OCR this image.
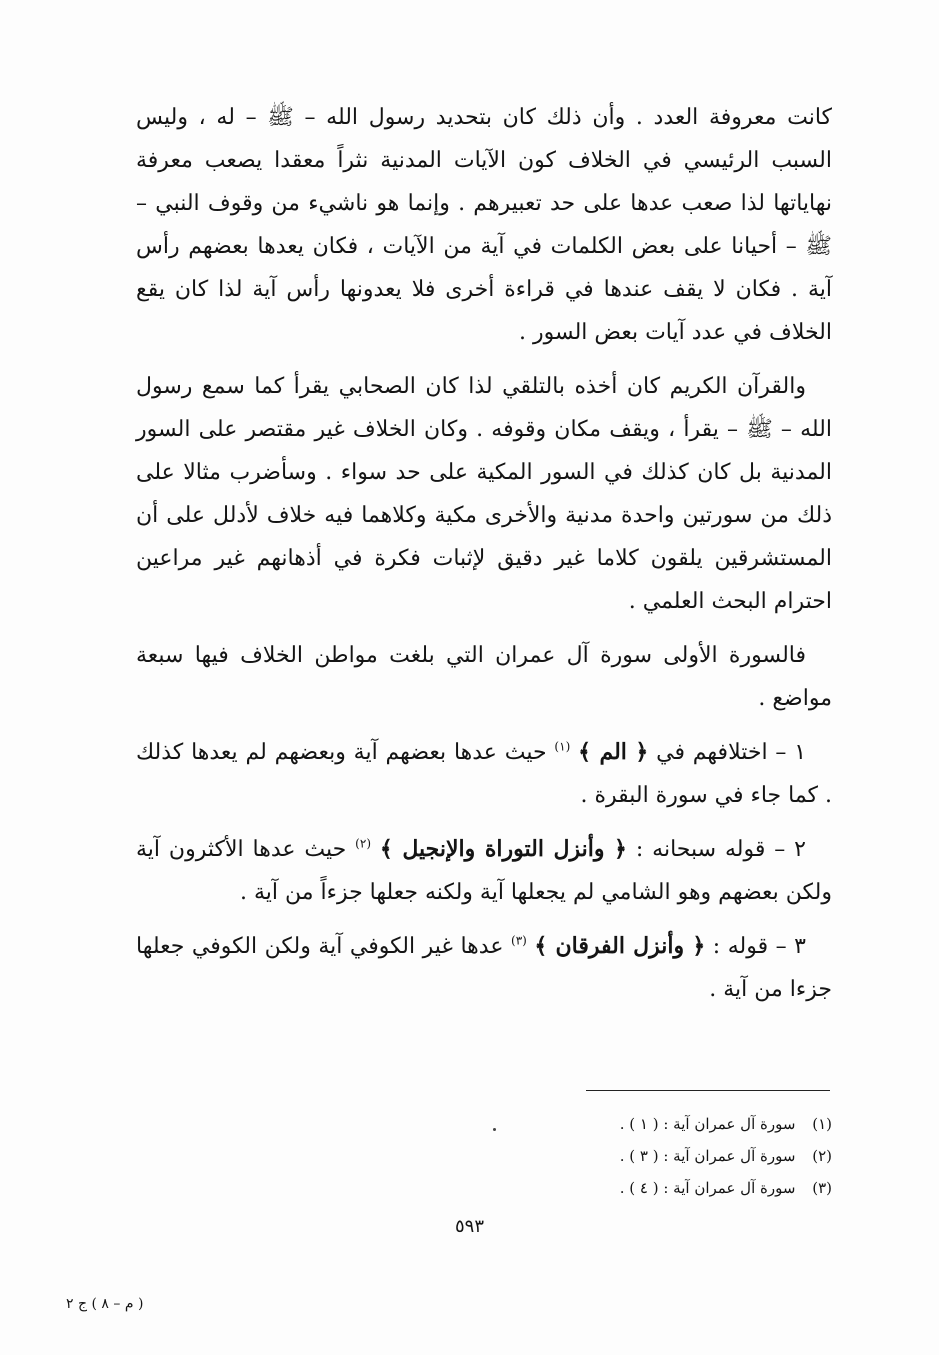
كانت معروفة العدد . وأن ذلك كان بتحديد رسول الله – ﷺ – له ، وليس السبب الرئيسي في الخلاف كون الآيات المدنية نثراً معقدا يصعب معرفة نهاياتها لذا صعب عدها على حد تعبيرهم . وإنما هو ناشيء من وقوف النبي – ﷺ – أحيانا على بعض الكلمات في آية من الآيات ، فكان يعدها بعضهم رأس آية . فكان لا يقف عندها في قراءة أخرى فلا يعدونها رأس آية لذا كان يقع الخلاف في عدد آيات بعض السور .

والقرآن الكريم كان أخذه بالتلقي لذا كان الصحابي يقرأ كما سمع رسول الله – ﷺ – يقرأ ، ويقف مكان وقوفه . وكان الخلاف غير مقتصر على السور المدنية بل كان كذلك في السور المكية على حد سواء . وسأضرب مثالا على ذلك من سورتين واحدة مدنية والأخرى مكية وكلاهما فيه خلاف لأدلل على أن المستشرقين يلقون كلاما غير دقيق لإثبات فكرة في أذهانهم غير مراعين احترام البحث العلمي .

فالسورة الأولى سورة آل عمران التي بلغت مواطن الخلاف فيها سبعة مواضع .

١ – اختلافهم في ﴿ الم ﴾ $^{(١)}$ حيث عدها بعضهم آية وبعضهم لم يعدها كذلك . كما جاء في سورة البقرة .

٢ – قوله سبحانه : ﴿ وأنزل التوراة والإنجيل ﴾ $^{(٢)}$ حيث عدها الأكثرون آية ولكن بعضهم وهو الشامي لم يجعلها آية ولكنه جعلها جزءاً من آية .

٣ – قوله : ﴿ وأنزل الفرقان ﴾ $^{(٣)}$ عدها غير الكوفي آية ولكن الكوفي جعلها جزءا من آية .

(١) سورة آل عمران آية : ( ١ ) .
(٢) سورة آل عمران آية : ( ٣ ) .
(٣) سورة آل عمران آية : ( ٤ ) .
٥٩٣
( م – ٨ ) ج ٢
